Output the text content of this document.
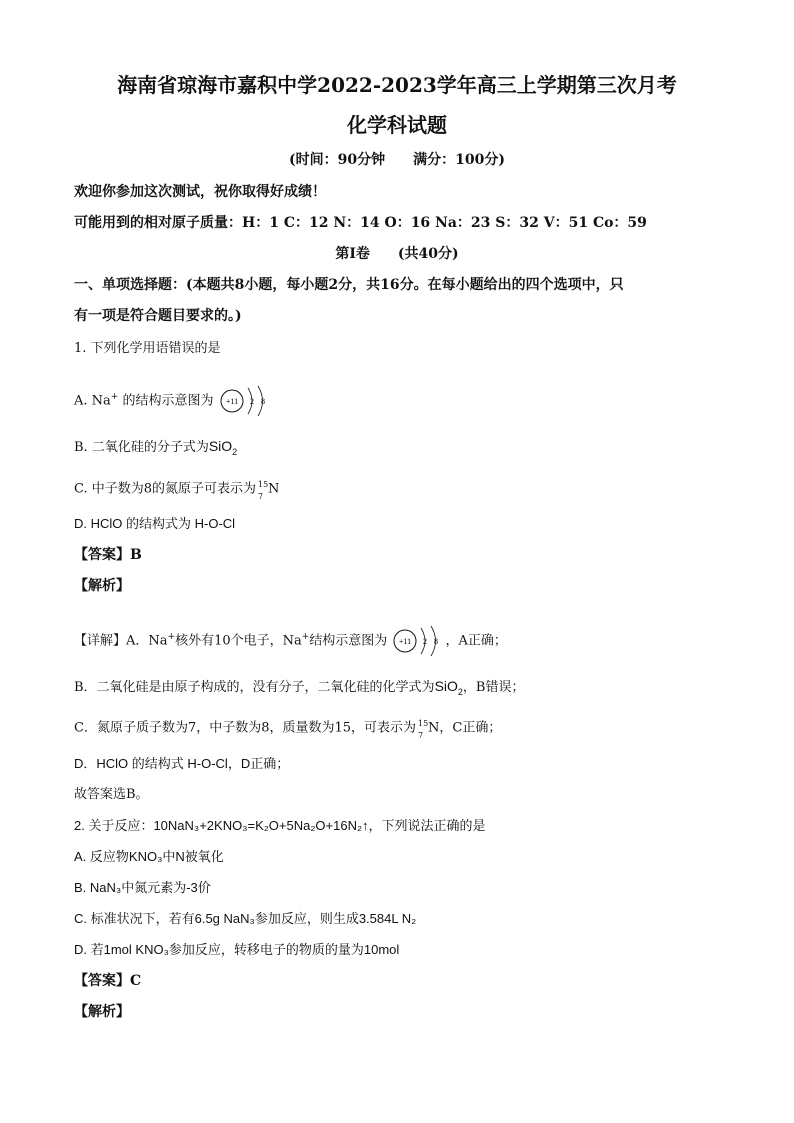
海南省琼海市嘉积中学2022-2023学年高三上学期第三次月考
化学科试题
(时间：90分钟　　满分：100分)
欢迎你参加这次测试，祝你取得好成绩！
可能用到的相对原子质量：H：1 C：12 N：14 O：16 Na：23 S：32 V：51 Co：59
第Ⅰ卷　　(共40分)
一、单项选择题：(本题共8小题，每小题2分，共16分。在每小题给出的四个选项中，只
有一项是符合题目要求的。)
1. 下列化学用语错误的是
A. Na+ 的结构示意图为 +11 2 8
B. 二氧化硅的分子式为SiO$_2$
C. 中子数为8的氮原子可表示为 15
7 N
D. HClO 的结构式为 H-O-Cl
【答案】B
【解析】
【详解】A．Na+核外有10个电子，Na+结构示意图为 +11 2 8 ，A正确；
B．二氧化硅是由原子构成的，没有分子，二氧化硅的化学式为SiO$_2$，B错误；
C．氮原子质子数为7，中子数为8，质量数为15，可表示为 15
7 N，C正确；
D．HClO 的结构式 H-O-Cl，D正确；
故答案选B。
2. 关于反应：10NaN₃+2KNO₃=K₂O+5Na₂O+16N₂↑，下列说法正确的是
A. 反应物KNO₃中N被氧化
B. NaN₃中氮元素为-3价
C. 标准状况下，若有6.5g NaN₃参加反应，则生成3.584L N₂
D. 若1mol KNO₃参加反应，转移电子的物质的量为10mol
【答案】C
【解析】
